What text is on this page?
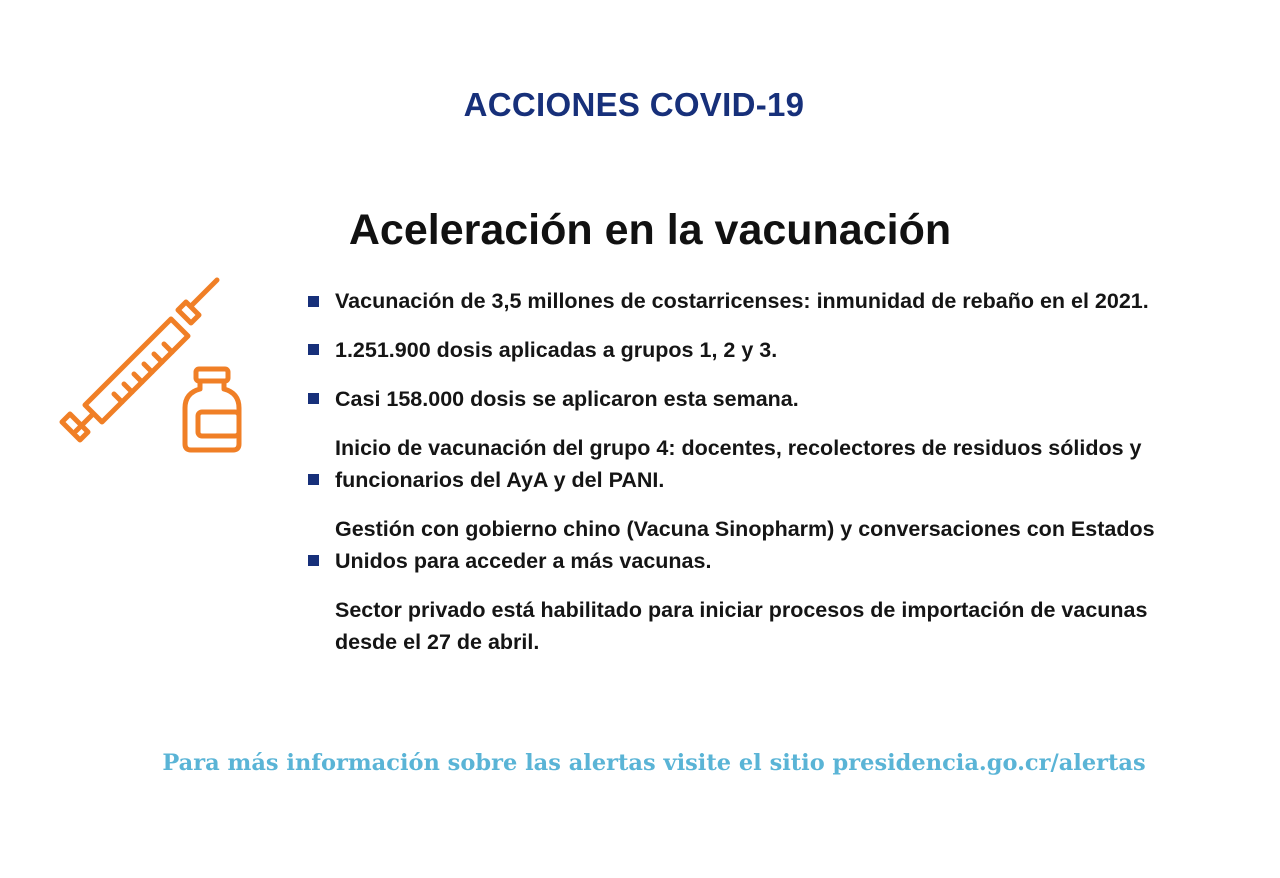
ACCIONES COVID-19
Aceleración en la vacunación
Vacunación de 3,5 millones de costarricenses: inmunidad de rebaño en el 2021.
1.251.900 dosis aplicadas a grupos 1, 2 y 3.
Casi 158.000 dosis se aplicaron esta semana.
Inicio de vacunación del grupo 4: docentes, recolectores de residuos sólidos y funcionarios del AyA y del PANI.
Gestión con gobierno chino (Vacuna Sinopharm) y conversaciones con Estados Unidos para acceder a más vacunas.
Sector privado está habilitado para iniciar procesos de importación de vacunas desde el 27 de abril.
Para más información sobre las alertas visite el sitio presidencia.go.cr/alertas
